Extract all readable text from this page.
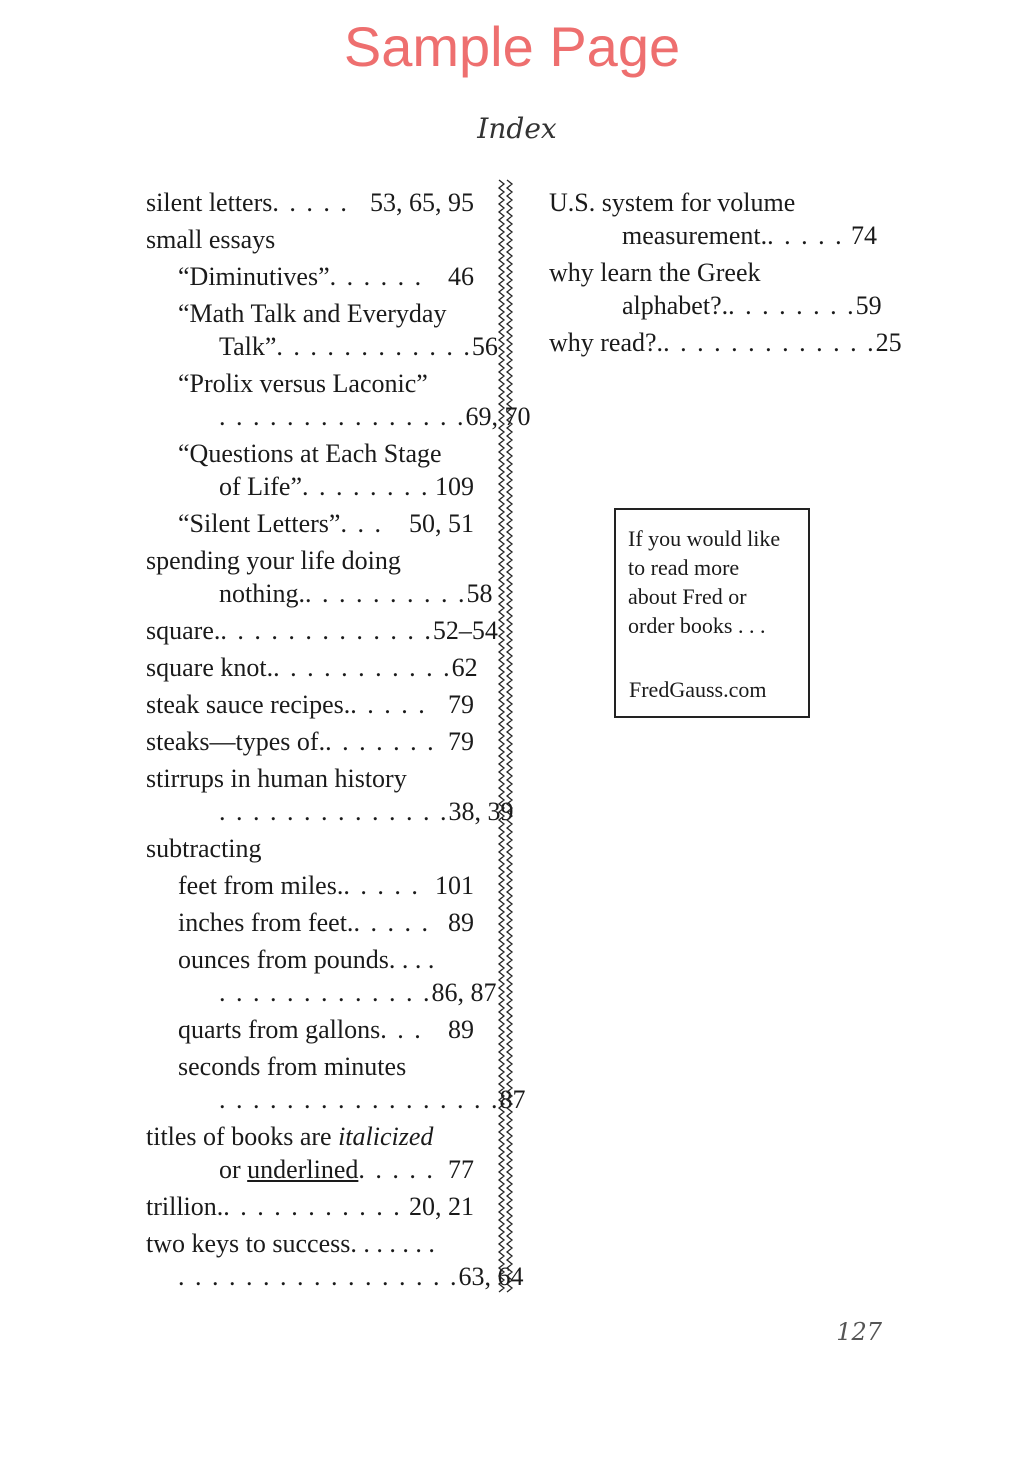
Sample Page
Index
silent letters . . . . . 53, 65, 95
small essays
“Diminutives” . . . . . . 46
“Math Talk and Everyday
Talk” . . . . . . . . . . . . 56
“Prolix versus Laconic”
. . . . . . . . . . . . . . . 69, 70
“Questions at Each Stage
of Life” . . . . . . . . 109
“Silent Letters” . . .	50, 51
spending your life doing
nothing. . . . . . . . . . . 58
square. . . . . . . . . . . . . . 52–54
square knot. . . . . . . . . . . . 62
steak sauce recipes. . . . . . 79
steaks—types of. . . . . . . . 79
stirrups in human history
. . . . . . . . . . . . . . 38, 39
subtracting
feet from miles. . . . . . 101
inches from feet. . . . . . 89
ounces from pounds. . . .
. . . . . . . . . . . . . 86, 87
quarts from gallons . . . 89
seconds from minutes
. . . . . . . . . . . . . . . . . 87
titles of books are italicized
or underlined . . . . . 77
trillion. . . . . . . . . . . . 20, 21
two keys to success. . . . . . .
. . . . . . . . . . . . . . . . . 63, 64
U.S. system for volume
measurement. . . . . . 74
why learn the Greek
alphabet?. . . . . . . . . 59
why read?. . . . . . . . . . . . . . 25
If you would like
to read more
about Fred or
order books . . .
FredGauss.com
127
